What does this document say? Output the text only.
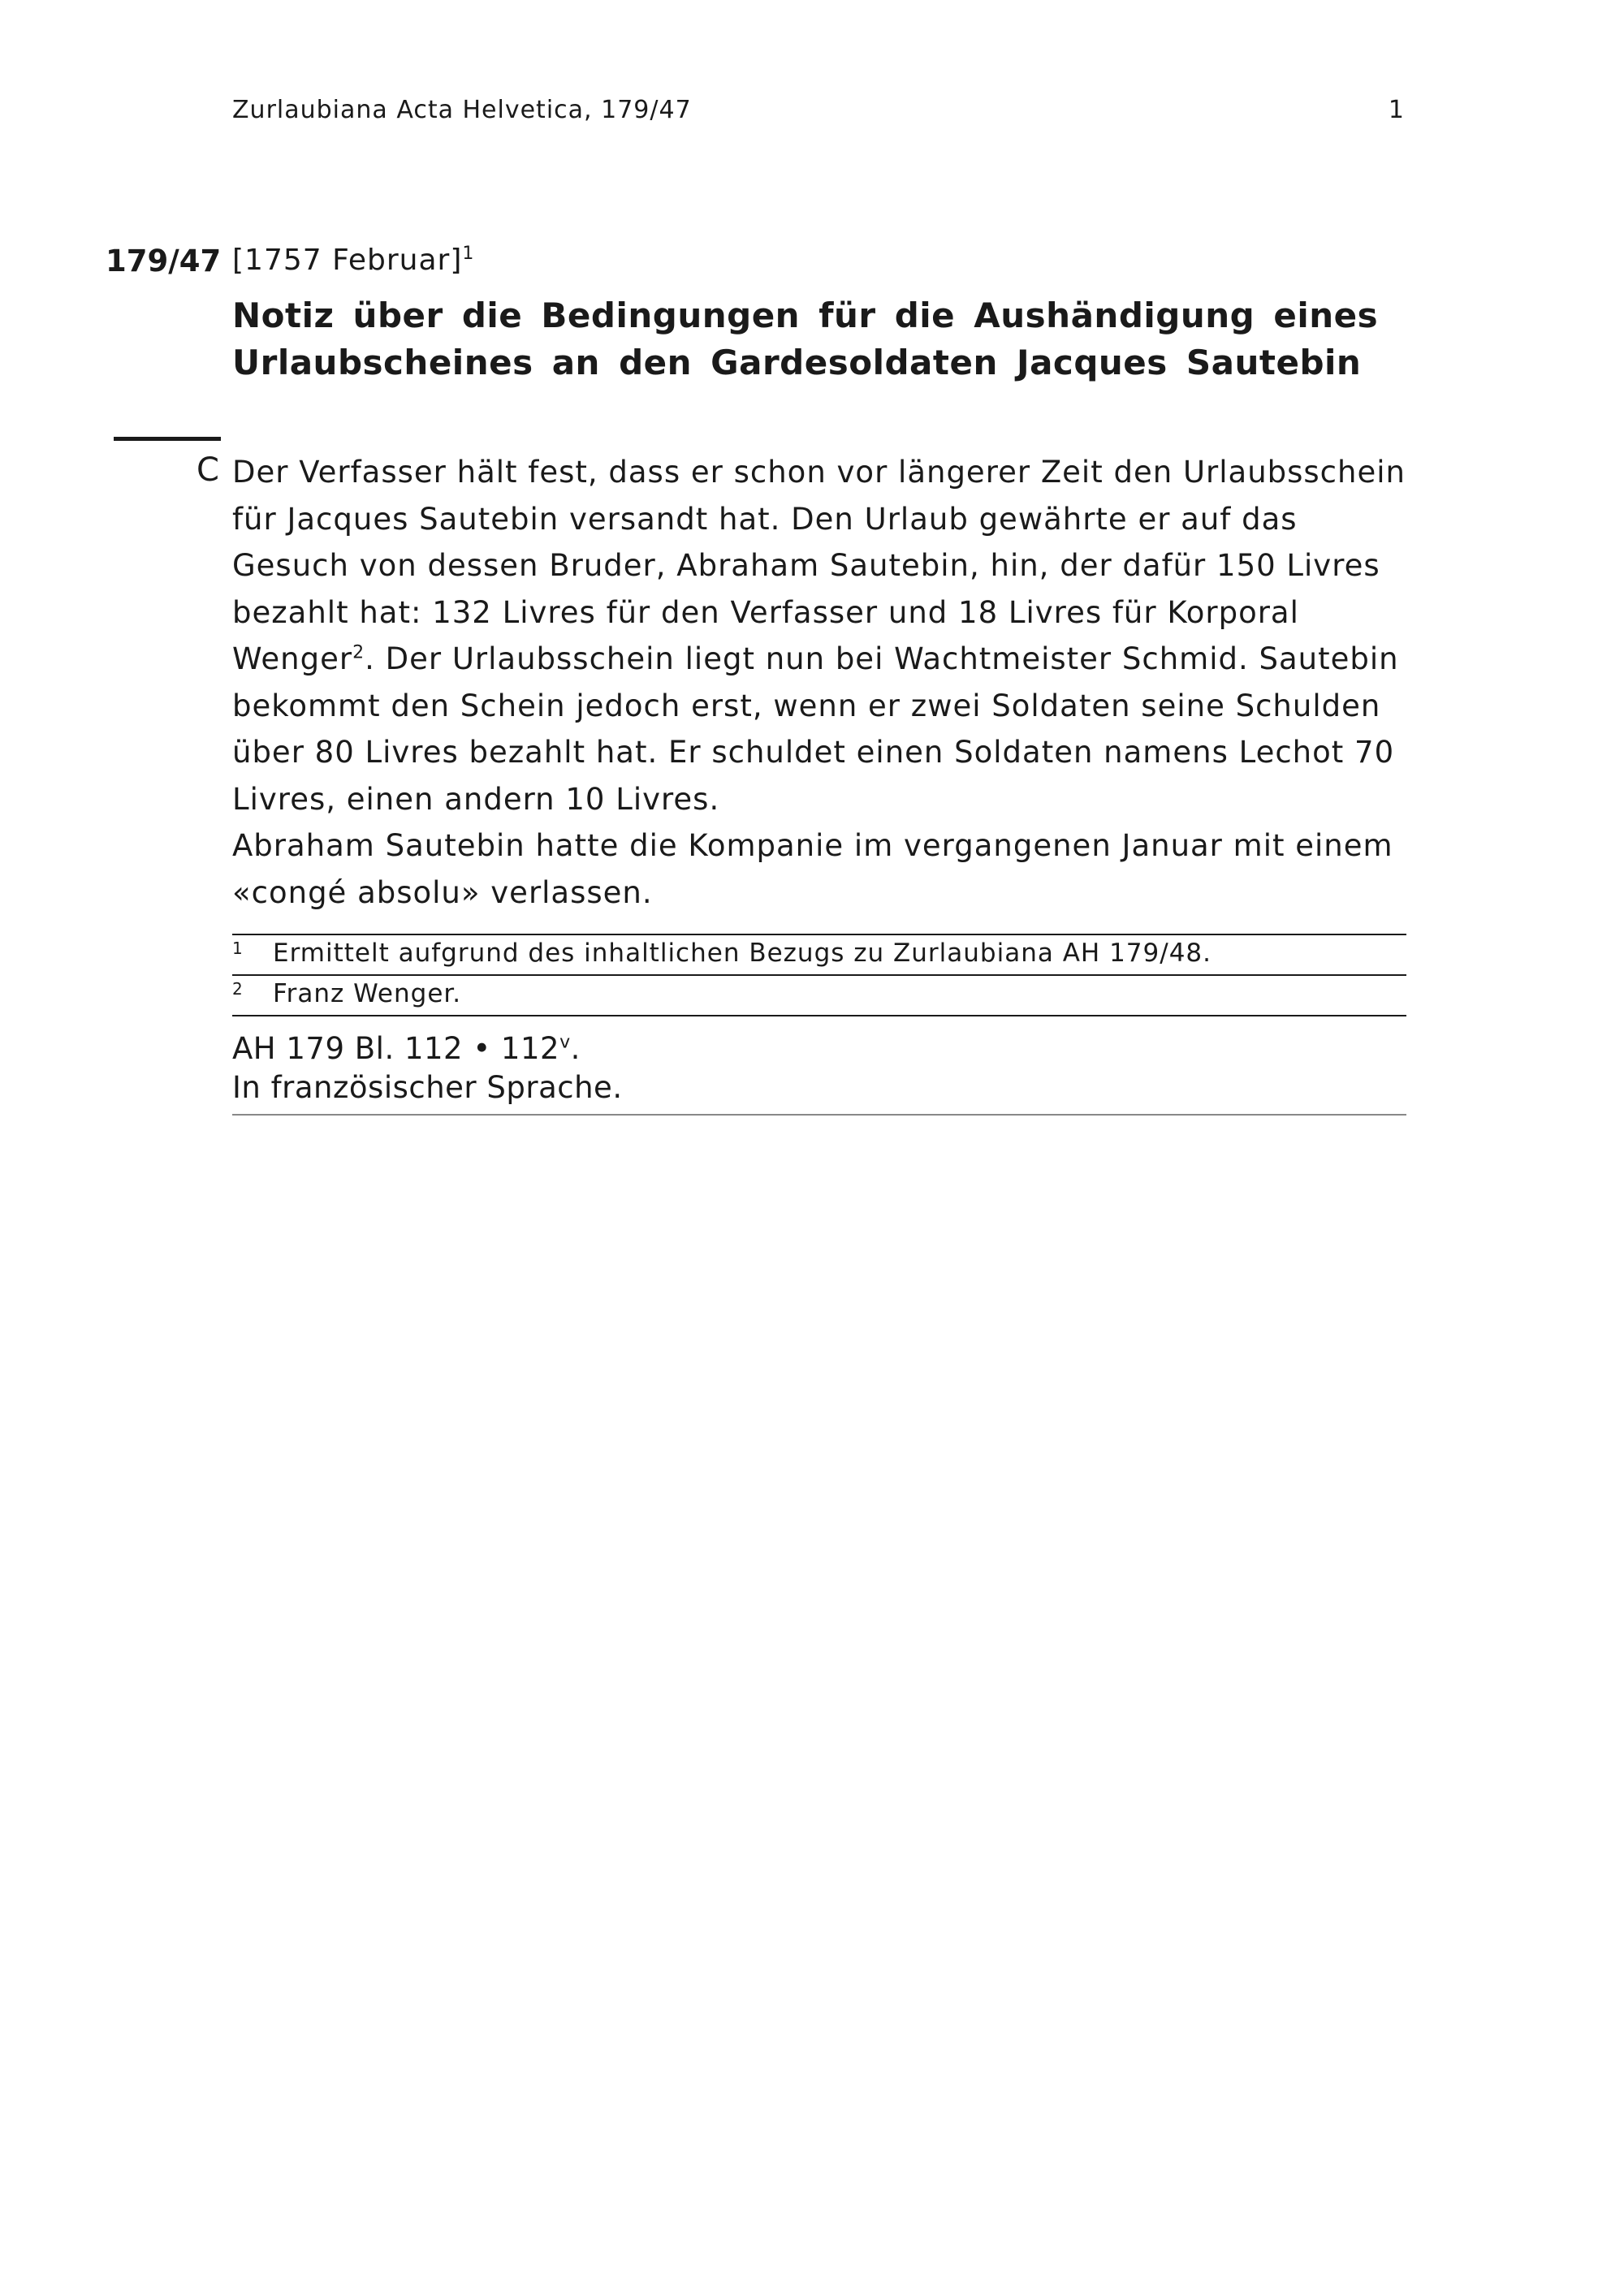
Zurlaubiana Acta Helvetica, 179/47	1
179/47 [1757 Februar]$^1$
Notiz über die Bedingungen für die Aushändigung eines Urlaubscheines an den Gardesoldaten Jacques Sautebin
C Der Verfasser hält fest, dass er schon vor längerer Zeit den Urlaubsschein für Jacques Sautebin versandt hat. Den Urlaub gewährte er auf das Gesuch von dessen Bruder, Abraham Sautebin, hin, der dafür 150 Livres bezahlt hat: 132 Livres für den Verfasser und 18 Livres für Korporal Wenger$^2$. Der Urlaubsschein liegt nun bei Wachtmeister Schmid. Sautebin bekommt den Schein jedoch erst, wenn er zwei Soldaten seine Schulden über 80 Livres bezahlt hat. Er schuldet einen Soldaten namens Lechot 70 Livres, einen andern 10 Livres.

Abraham Sautebin hatte die Kompanie im vergangenen Januar mit einem «congé absolu» verlassen.

1 Ermittelt aufgrund des inhaltlichen Bezugs zu Zurlaubiana AH 179/48.
2 Franz Wenger.
AH 179 Bl. 112 • 112$^v$.
In französischer Sprache.
